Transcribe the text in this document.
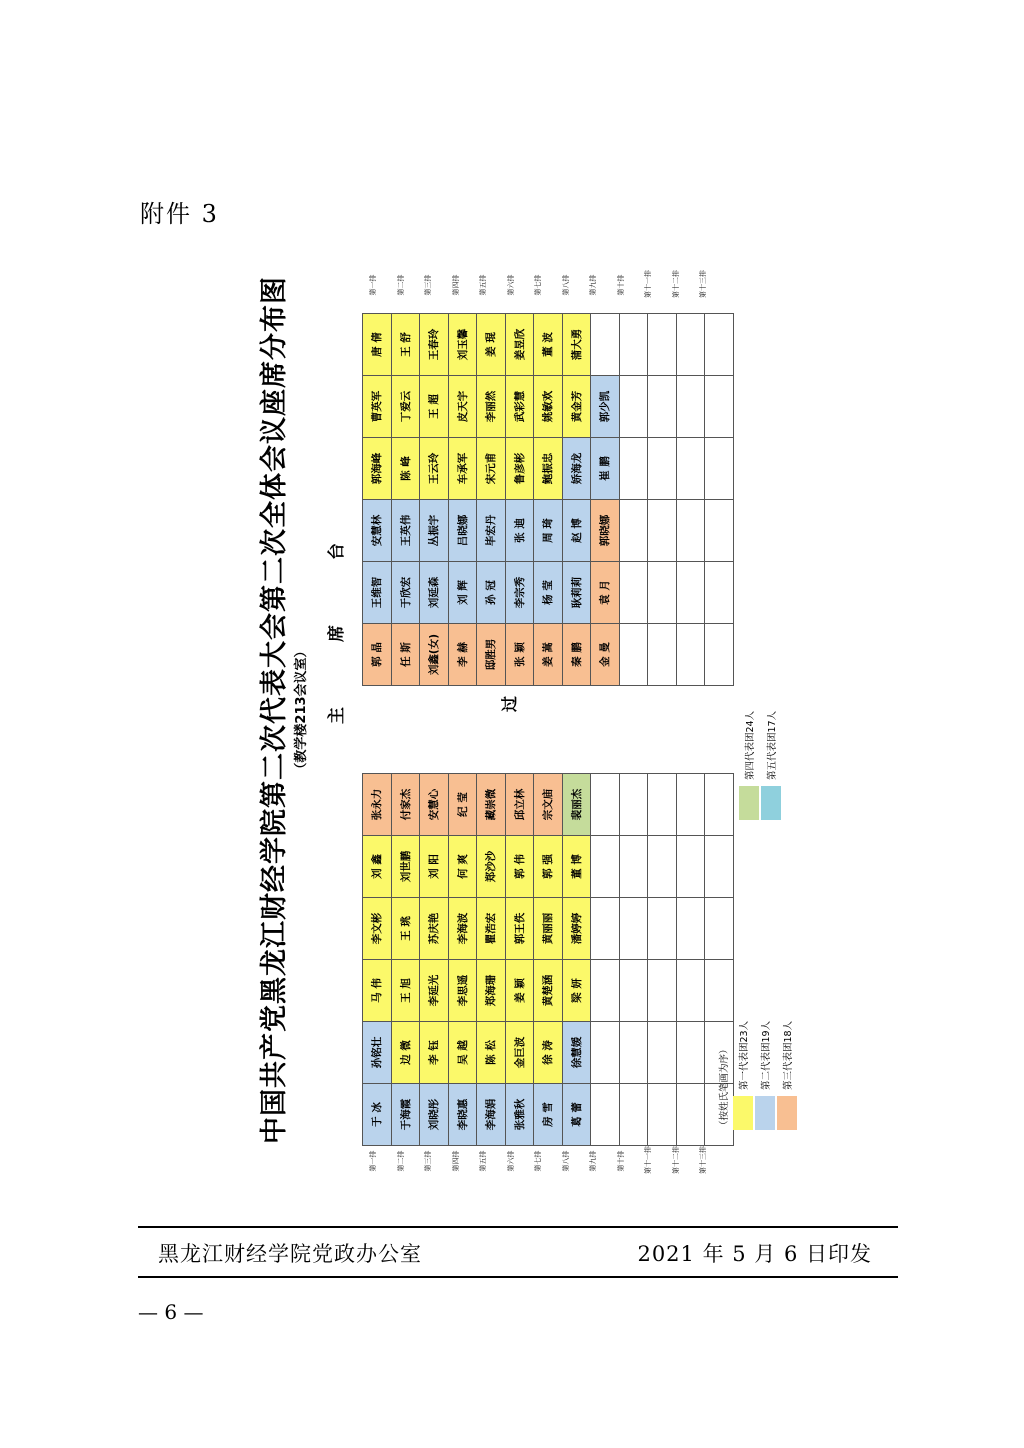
附件 3
中国共产党黑龙江财经学院第二次代表大会第二次全体会议座席分布图 （教学楼213会议室） 主
席
台
过
第一排	第二排	第三排	第四排	第五排	第六排	第七排	第八排	第九排	第十排	第十一排	第十二排	第十三排
于 冰	孙铭壮	马 伟	李文彬	刘 鑫	张永力
于海霞	边 微	王 旭	王 珧	刘世鹏	付家杰
刘晓彤	李 钰	李延光	苏庆艳	刘 阳	安慧心
李晓惠	吴 越	李思遥	李海波	何 爽	纪 莹
李海娟	陈 松	郑海珊	瞿浩宏	郑沙沙	藏崇微
张雅秋	金巨波	姜 颖	郭王佚	郭 伟	邱立林
房 雪	徐 涛	黄楚涵	黄丽丽	郭 强	宗文庙
葛 蕾	徐慧媛	梁 妍	潘婷婷	董 博	裴丽杰

郭 晶	王维智	安慧林	郭海峰	曹英军	唐 倩
任 斯	于欣宏	王英伟	陈 峰	丁爱云	王 舒
刘鑫(女)	刘延森	丛振宇	王云玲	王 超	王春玲
李 赫	刘 辉	吕晓娜	车承军	皮天宇	刘玉馨
邸胜男	孙 冠	毕宏丹	宋元甫	李丽然	姜 琨
张 颖	李宗秀	张 迪	鲁彦彬	武彩慧	姜昱欣
姜 嵩	杨 莹	周 琦	鲍振忠	姚敏欢	董 波
秦 鹏	耿莉莉	赵 博	娇海龙	黄金芳	蒲大勇
金 曼	袁 月	郭晓娜	崔 鹏	郭少凯	

第一排	第二排	第三排	第四排	第五排	第六排	第七排	第八排	第九排	第十排	第十一排	第十二排	第十三排
（按姓氏笔画为序） 第一代表团23人	第二代表团19人	第三代表团18人
第四代表团24人	第五代表团17人
黑龙江财经学院党政办公室	2021 年 5 月 6 日印发
— 6 —
